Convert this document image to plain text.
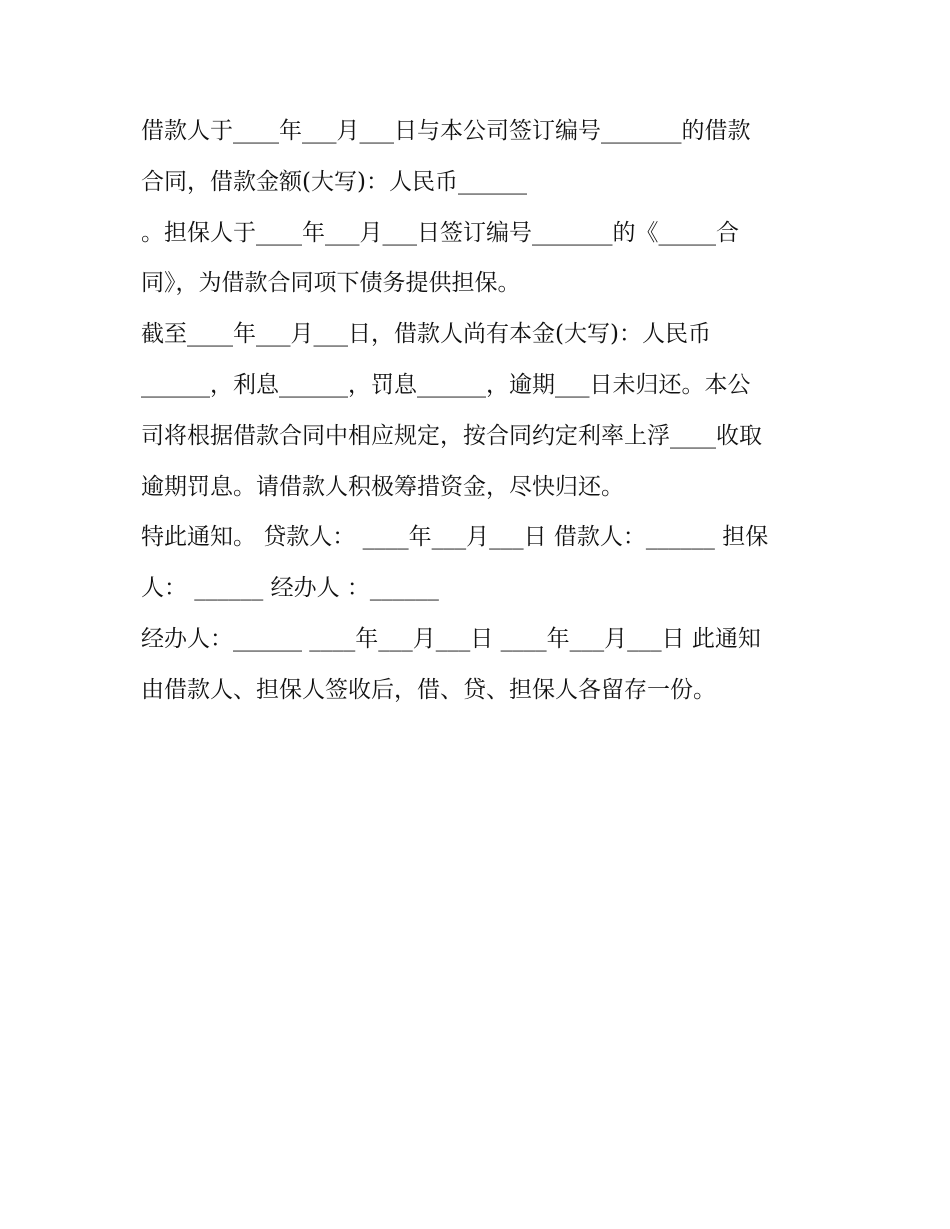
借款人于____年___月___日与本公司签订编号_______的借款
合同，借款金额(大写)：人民币______
。担保人于____年___月___日签订编号_______的《_____合
同》，为借款合同项下债务提供担保。
截至____年___月___日，借款人尚有本金(大写)：人民币
______，利息______，罚息______，逾期___日未归还。本公
司将根据借款合同中相应规定，按合同约定利率上浮____收取
逾期罚息。请借款人积极筹措资金，尽快归还。
特此通知。 贷款人： ____年___月___日 借款人：______ 担保
人： ______ 经办人 ：______
经办人：______ ____年___月___日 ____年___月___日 此通知
由借款人、担保人签收后，借、贷、担保人各留存一份。
